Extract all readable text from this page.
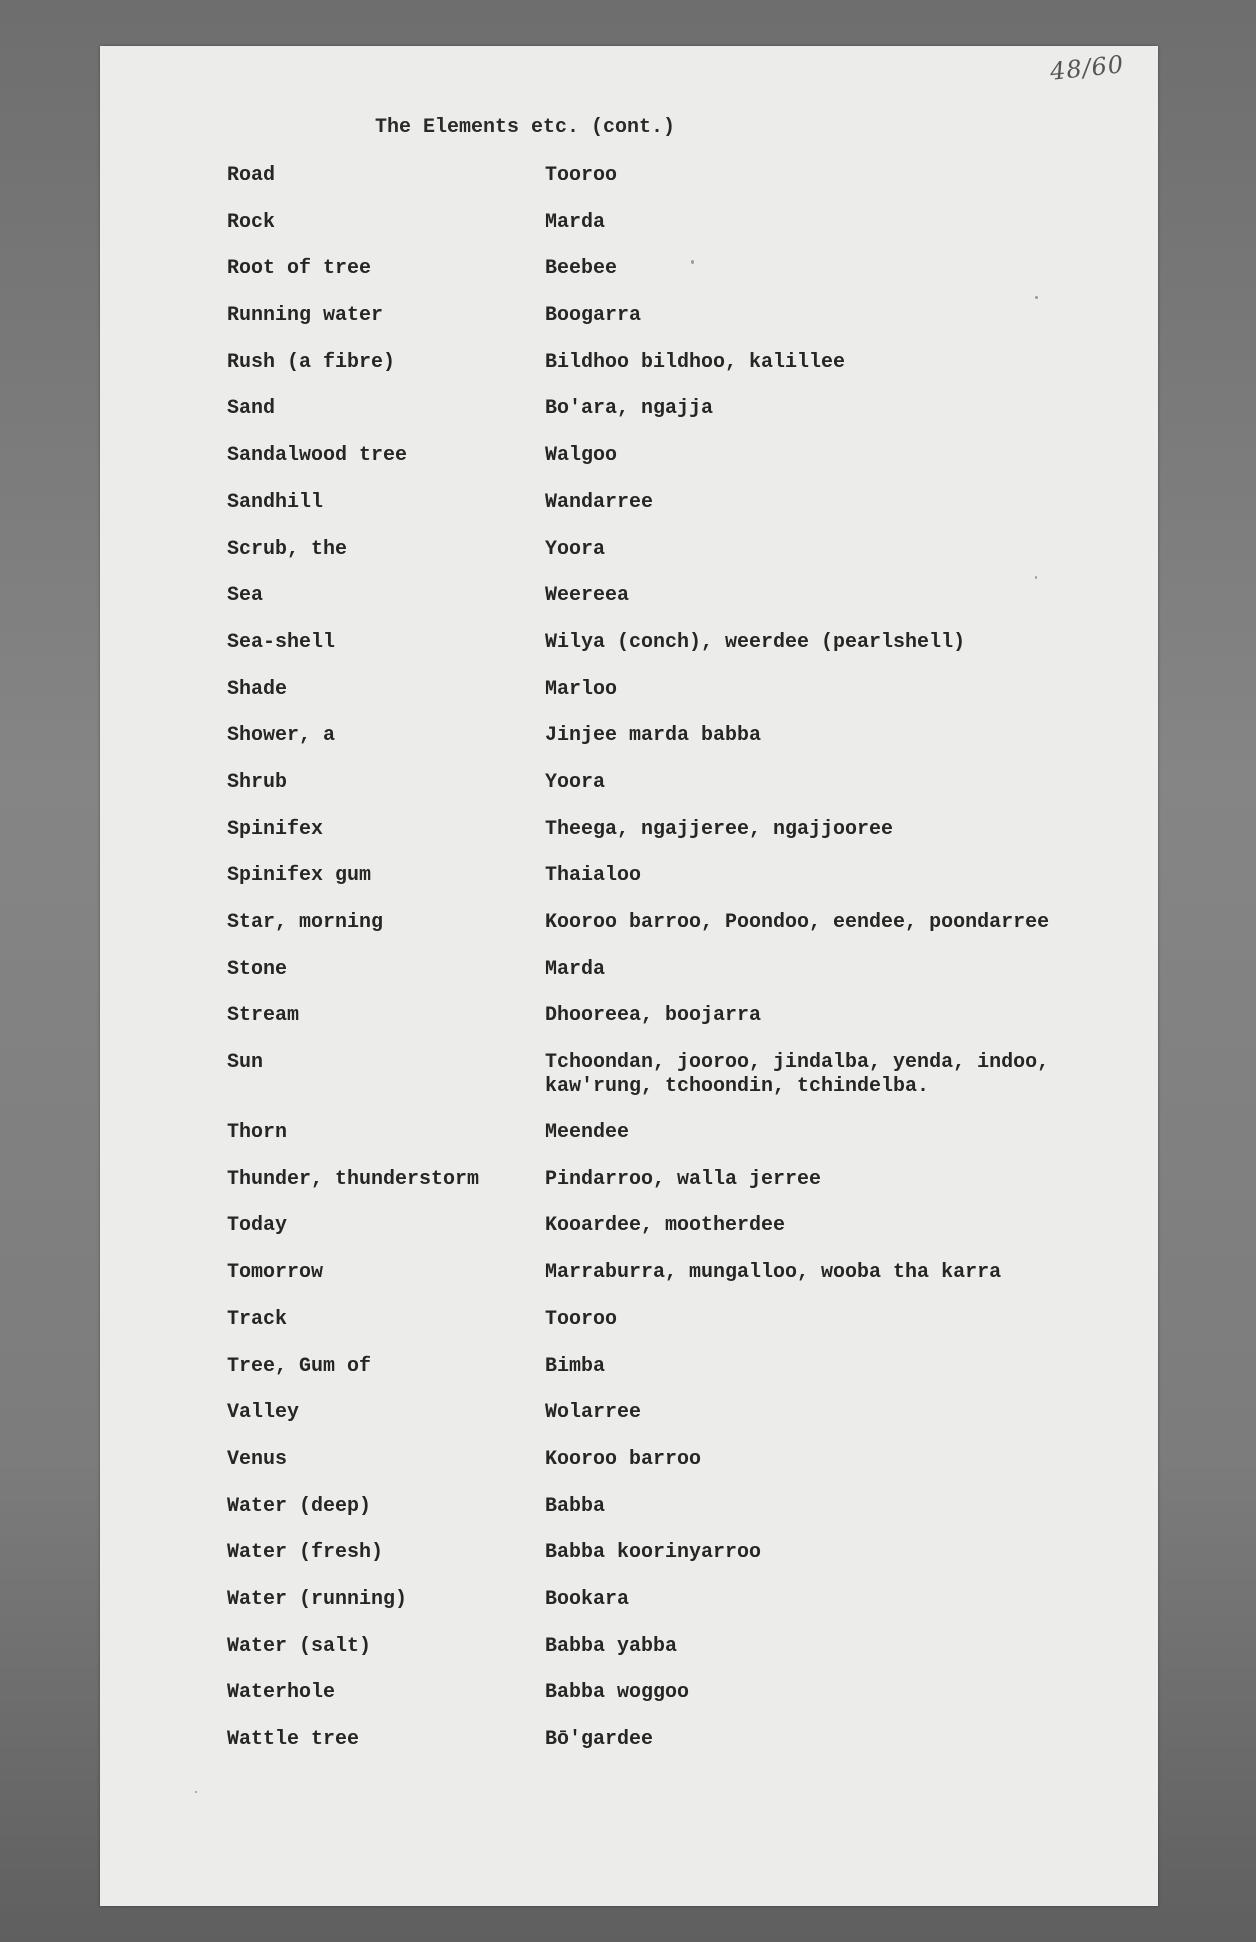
48/60
The Elements etc. (cont.)
Road	Tooroo
Rock	Marda
Root of tree	Beebee
Running water	Boogarra
Rush (a fibre)	Bildhoo bildhoo, kalillee
Sand	Bo'ara, ngajja
Sandalwood tree	Walgoo
Sandhill	Wandarree
Scrub, the	Yoora
Sea	Weereea
Sea-shell	Wilya (conch), weerdee (pearlshell)
Shade	Marloo
Shower, a	Jinjee marda babba
Shrub	Yoora
Spinifex	Theega, ngajjeree, ngajjooree
Spinifex gum	Thaialoo
Star, morning	Kooroo barroo, Poondoo, eendee, poondarree
Stone	Marda
Stream	Dhooreea, boojarra
Sun	Tchoondan, jooroo, jindalba, yenda, indoo,
kaw'rung, tchoondin, tchindelba.
Thorn	Meendee
Thunder, thunderstorm	Pindarroo, walla jerree
Today	Kooardee, mootherdee
Tomorrow	Marraburra, mungalloo, wooba tha karra
Track	Tooroo
Tree, Gum of	Bimba
Valley	Wolarree
Venus	Kooroo barroo
Water (deep)	Babba
Water (fresh)	Babba koorinyarroo
Water (running)	Bookara
Water (salt)	Babba yabba
Waterhole	Babba woggoo
Wattle tree	Bō'gardee
